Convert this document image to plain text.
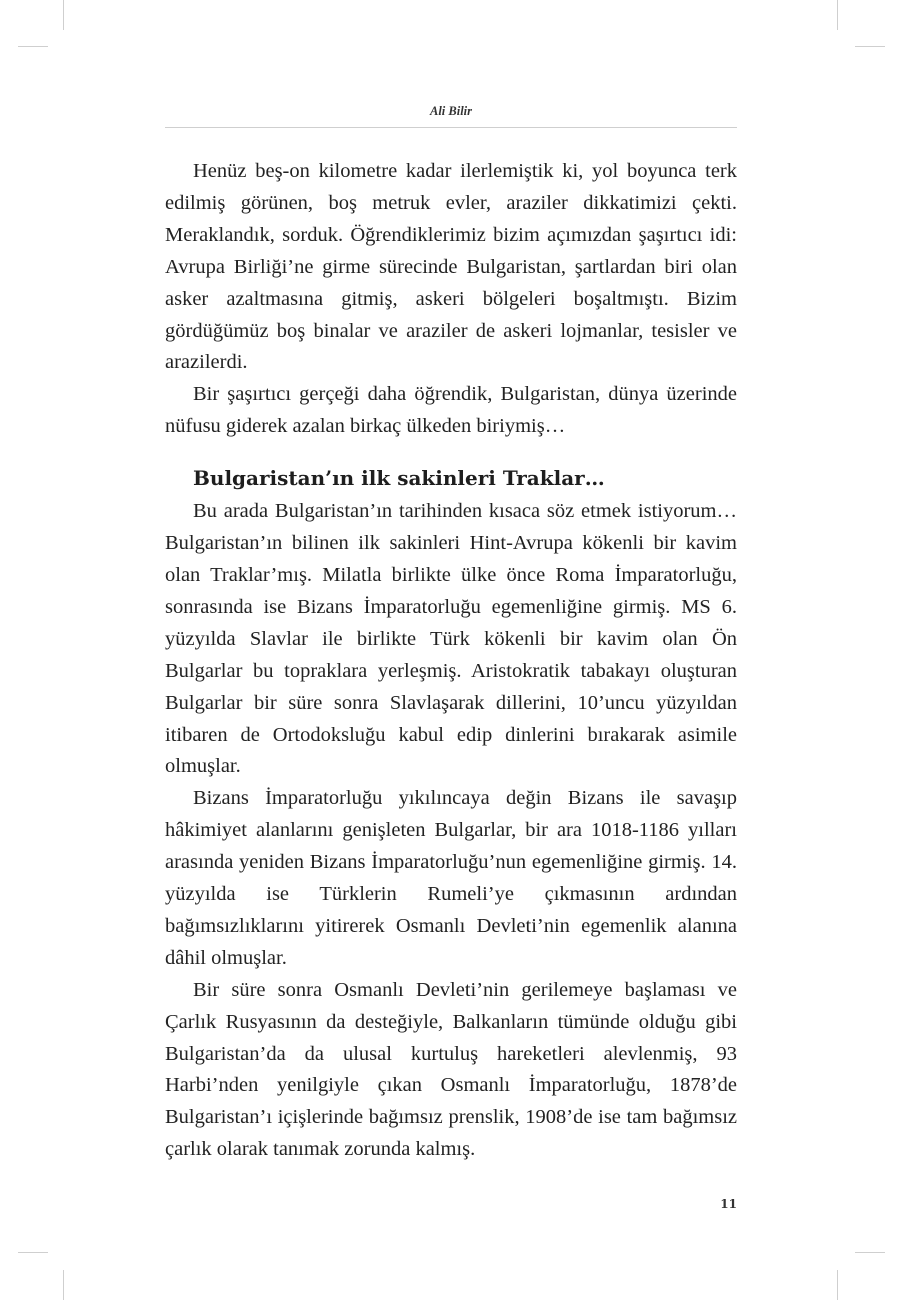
Ali Bilir

Henüz beş-on kilometre kadar ilerlemiştik ki, yol boyunca terk edilmiş görünen, boş metruk evler, araziler dikkatimizi çekti. Meraklandık, sorduk. Öğrendiklerimiz bizim açımızdan şaşırtıcı idi: Avrupa Birliği’ne girme sürecinde Bulgaristan, şartlardan biri olan asker azaltmasına gitmiş, askeri bölgeleri boşaltmıştı. Bizim gördüğümüz boş binalar ve araziler de askeri lojmanlar, tesisler ve arazilerdi.

Bir şaşırtıcı gerçeği daha öğrendik, Bulgaristan, dünya üzerinde nüfusu giderek azalan birkaç ülkeden biriymiş…

Bulgaristan’ın ilk sakinleri Traklar…

Bu arada Bulgaristan’ın tarihinden kısaca söz etmek istiyorum… Bulgaristan’ın bilinen ilk sakinleri Hint-Avrupa kökenli bir kavim olan Traklar’mış. Milatla birlikte ülke önce Roma İmparatorluğu, sonrasında ise Bizans İmparatorluğu egemenliğine girmiş. MS 6. yüzyılda Slavlar ile birlikte Türk kökenli bir kavim olan Ön Bulgarlar bu topraklara yerleşmiş. Aristokratik tabakayı oluşturan Bulgarlar bir süre sonra Slavlaşarak dillerini, 10’uncu yüzyıldan itibaren de Ortodoksluğu kabul edip dinlerini bırakarak asimile olmuşlar.

Bizans İmparatorluğu yıkılıncaya değin Bizans ile savaşıp hâkimiyet alanlarını genişleten Bulgarlar, bir ara 1018-1186 yılları arasında yeniden Bizans İmparatorluğu’nun egemenliğine girmiş. 14. yüzyılda ise Türklerin Rumeli’ye çıkmasının ardından bağımsızlıklarını yitirerek Osmanlı Devleti’nin egemenlik alanına dâhil olmuşlar.

Bir süre sonra Osmanlı Devleti’nin gerilemeye başlaması ve Çarlık Rusyasının da desteğiyle, Balkanların tümünde olduğu gibi Bulgaristan’da da ulusal kurtuluş hareketleri alevlenmiş, 93 Harbi’nden yenilgiyle çıkan Osmanlı İmparatorluğu, 1878’de Bulgaristan’ı içişlerinde bağımsız prenslik, 1908’de ise tam bağımsız çarlık olarak tanımak zorunda kalmış.

11
